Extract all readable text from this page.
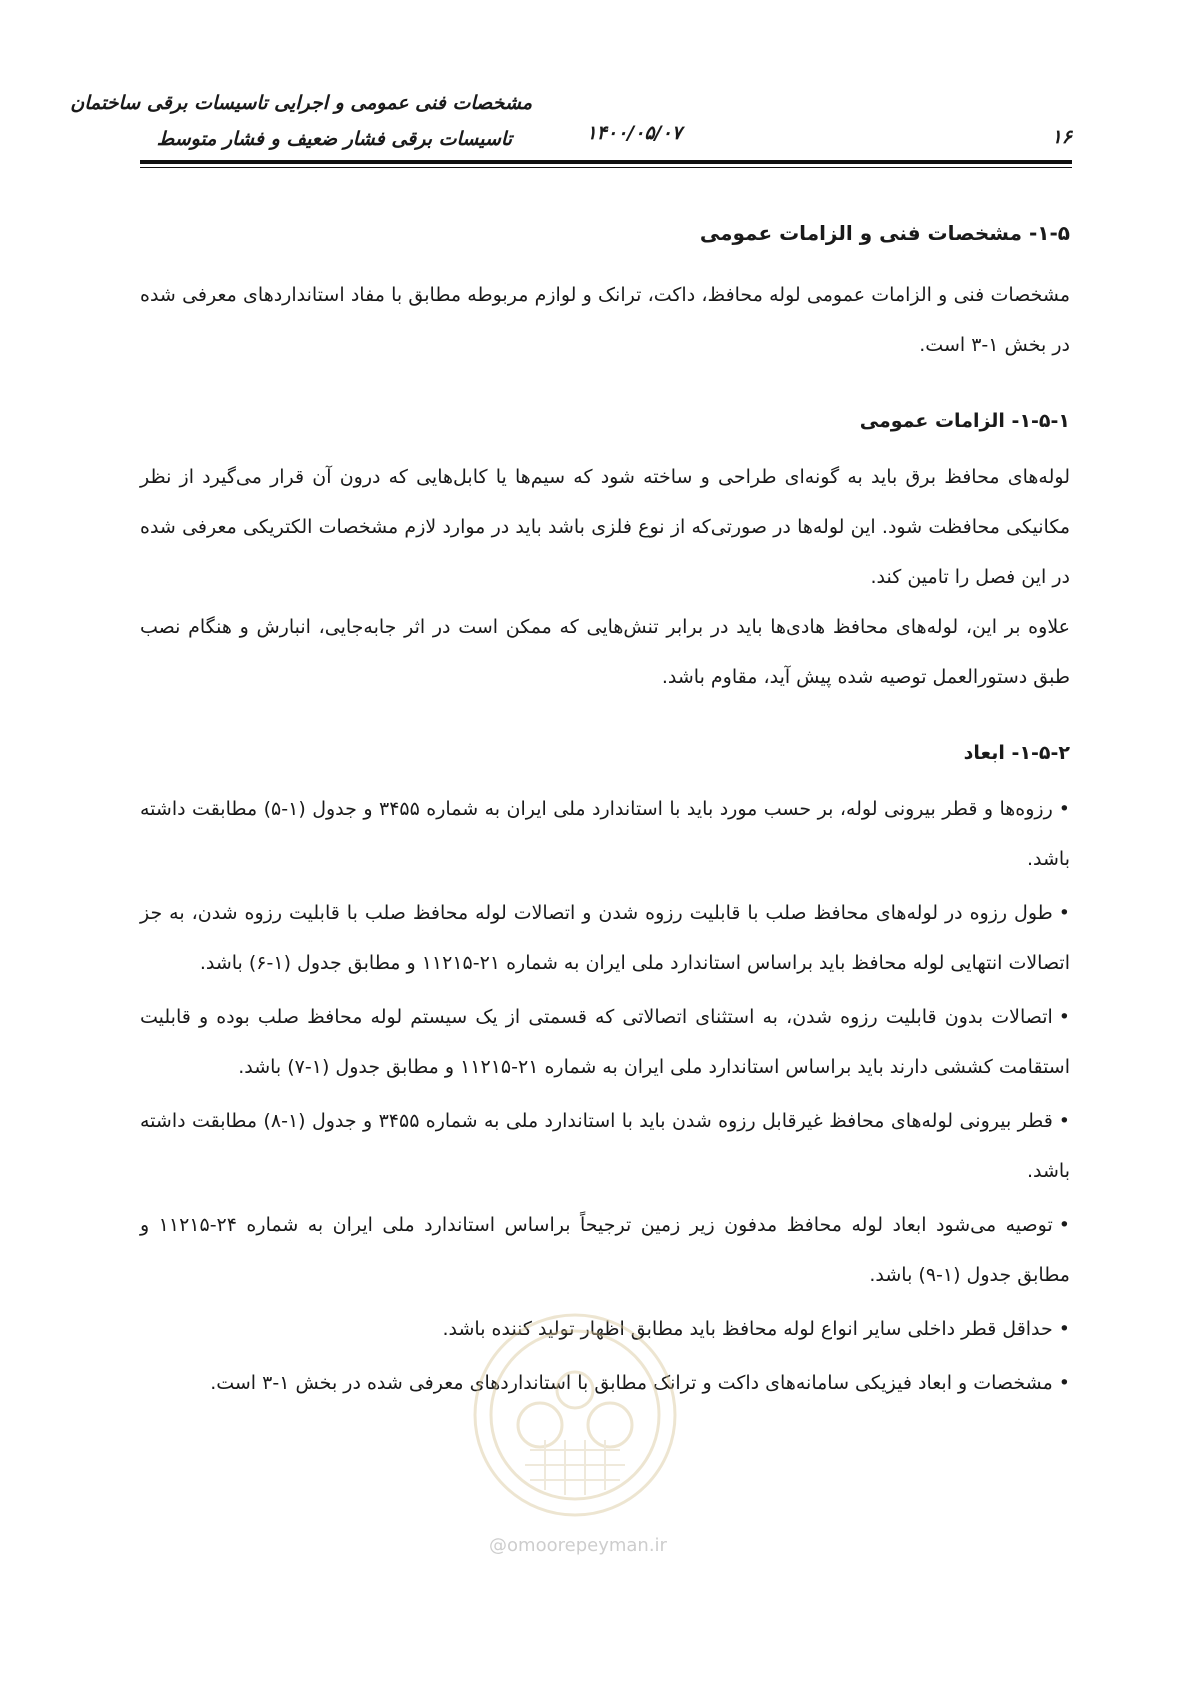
مشخصات فنی عمومی و اجرایی تاسیسات برقی ساختمان
تاسیسات برقی فشار ضعیف و فشار متوسط	۱۴۰۰/۰۵/۰۷	۱۶
۱-۵- مشخصات فنی و الزامات عمومی

مشخصات فنی و الزامات عمومی لوله محافظ، داکت، ترانک و لوازم مربوطه مطابق با مفاد استانداردهای معرفی شده در بخش ۱-۳ است.

۱-۵-۱- الزامات عمومی

لوله‌های محافظ برق باید به گونه‌ای طراحی و ساخته شود که سیم‌ها یا کابل‌هایی که درون آن قرار می‌گیرد از نظر مکانیکی محافظت شود. این لوله‌ها در صورتی‌که از نوع فلزی باشد باید در موارد لازم مشخصات الکتریکی معرفی شده در این فصل را تامین کند.

علاوه بر این، لوله‌های محافظ هادی‌ها باید در برابر تنش‌هایی که ممکن است در اثر جابه‌جایی، انبارش و هنگام نصب طبق دستورالعمل توصیه شده پیش آید، مقاوم باشد.

۱-۵-۲- ابعاد
•رزوه‌ها و قطر بیرونی لوله، بر حسب مورد باید با استاندارد ملی ایران به شماره ۳۴۵۵ و جدول (۱-۵) مطابقت داشته باشد.
•طول رزوه در لوله‌های محافظ صلب با قابلیت رزوه شدن و اتصالات لوله محافظ صلب با قابلیت رزوه شدن، به جز اتصالات انتهایی لوله محافظ باید براساس استاندارد ملی ایران به شماره ۲۱-۱۱۲۱۵ و مطابق جدول (۱-۶) باشد.
•اتصالات بدون قابلیت رزوه شدن، به استثنای اتصالاتی که قسمتی از یک سیستم لوله محافظ صلب بوده و قابلیت استقامت کششی دارند باید براساس استاندارد ملی ایران به شماره ۲۱-۱۱۲۱۵ و مطابق جدول (۱-۷) باشد.
•قطر بیرونی لوله‌های محافظ غیرقابل رزوه شدن باید با استاندارد ملی به شماره ۳۴۵۵ و جدول (۱-۸) مطابقت داشته باشد.
•توصیه می‌شود ابعاد لوله محافظ مدفون زیر زمین ترجیحاً براساس استاندارد ملی ایران به شماره ۲۴-۱۱۲۱۵ و مطابق جدول (۱-۹) باشد.
•حداقل قطر داخلی سایر انواع لوله محافظ باید مطابق اظهار تولید کننده باشد.
•مشخصات و ابعاد فیزیکی سامانه‌های داکت و ترانک مطابق با استانداردهای معرفی شده در بخش ۱-۳ است.
@omoorepeyman.ir
